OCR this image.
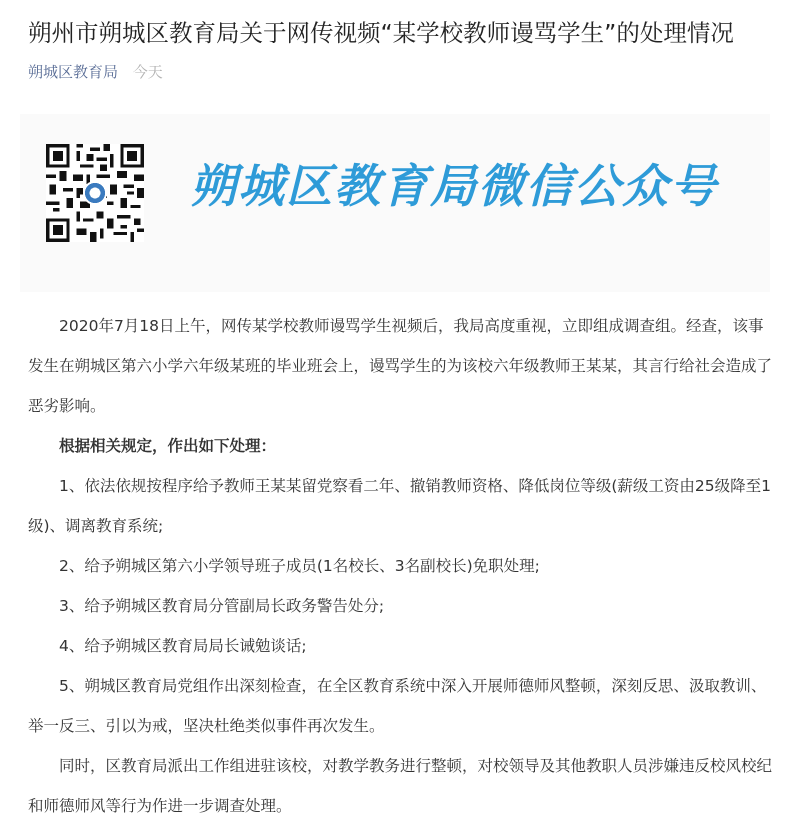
朔州市朔城区教育局关于网传视频“某学校教师谩骂学生”的处理情况
朔城区教育局 今天
朔城区教育局微信公众号

2020年7月18日上午，网传某学校教师谩骂学生视频后，我局高度重视，立即组成调查组。经查，该事发生在朔城区第六小学六年级某班的毕业班会上，谩骂学生的为该校六年级教师王某某，其言行给社会造成了恶劣影响。

根据相关规定，作出如下处理：

1、依法依规按程序给予教师王某某留党察看二年、撤销教师资格、降低岗位等级(薪级工资由25级降至1级)、调离教育系统;

2、给予朔城区第六小学领导班子成员(1名校长、3名副校长)免职处理;

3、给予朔城区教育局分管副局长政务警告处分;

4、给予朔城区教育局局长诫勉谈话;

5、朔城区教育局党组作出深刻检查，在全区教育系统中深入开展师德师风整顿，深刻反思、汲取教训、举一反三、引以为戒，坚决杜绝类似事件再次发生。

同时，区教育局派出工作组进驻该校，对教学教务进行整顿，对校领导及其他教职人员涉嫌违反校风校纪和师德师风等行为作进一步调查处理。
